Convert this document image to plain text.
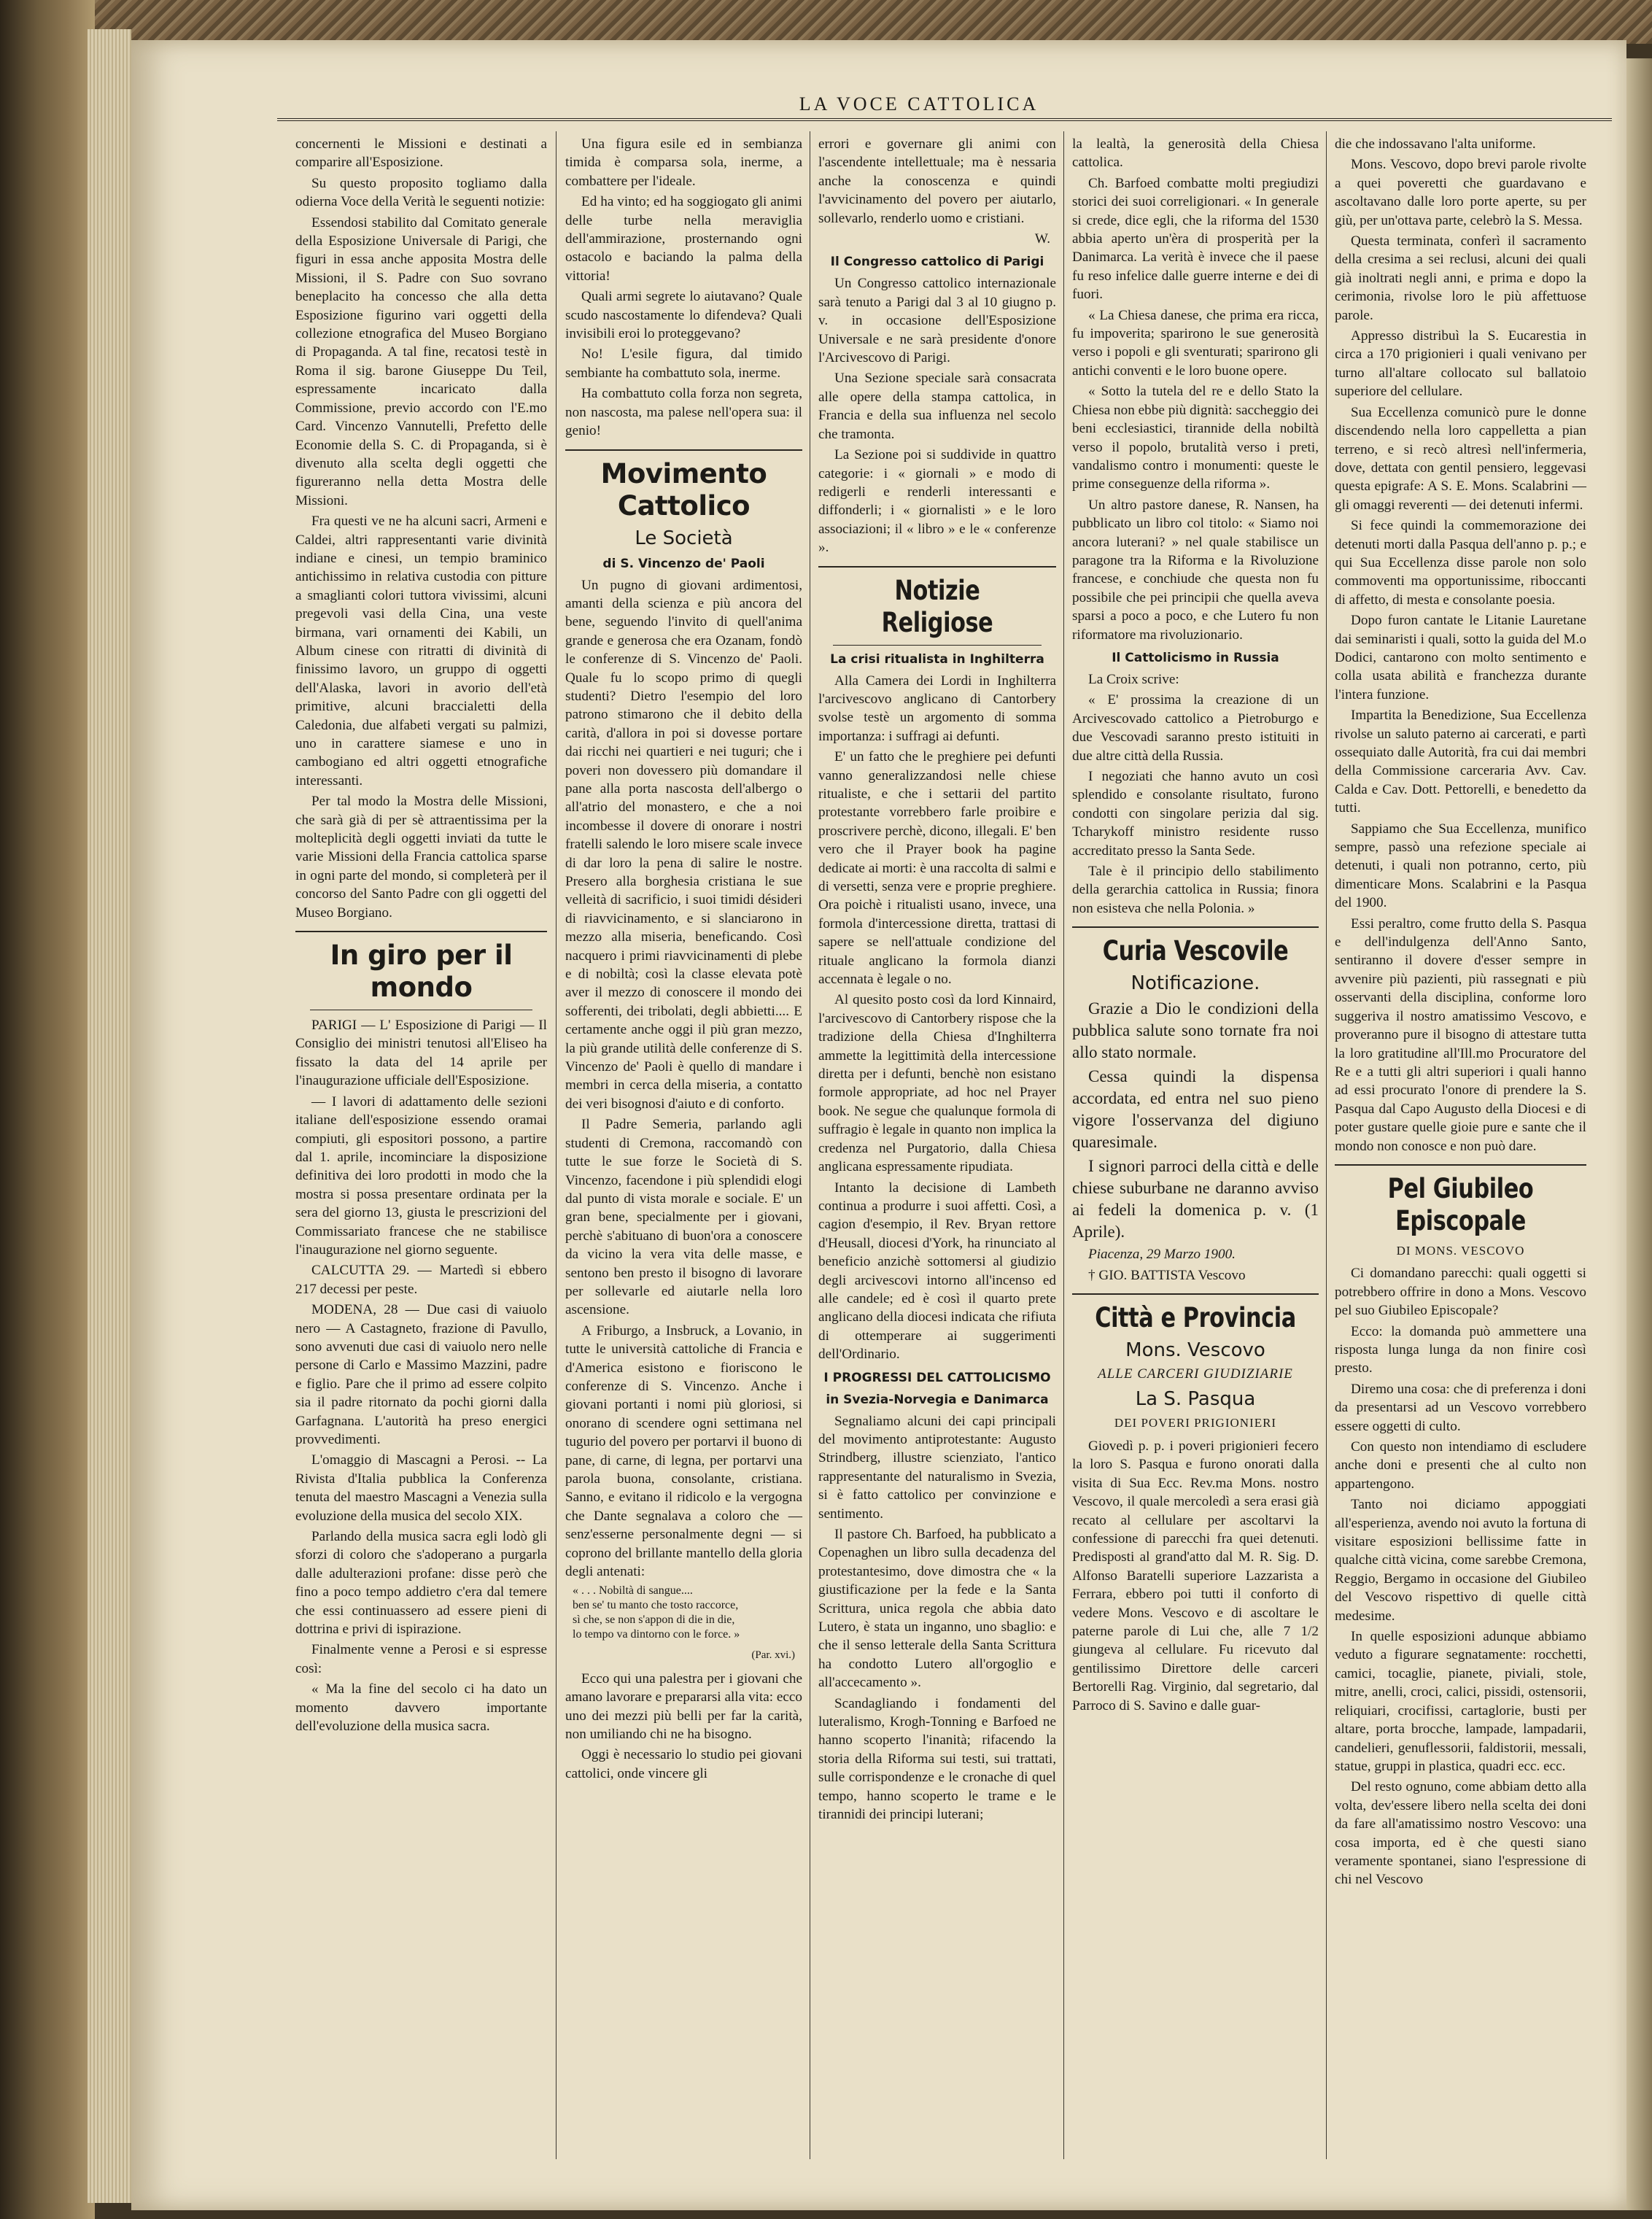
LA VOCE CATTOLICA

concernenti le Missioni e destinati a comparire all'Esposizione.

Su questo proposito togliamo dalla odierna Voce della Verità le seguenti notizie:

Essendosi stabilito dal Comitato generale della Esposizione Universale di Parigi, che figuri in essa anche apposita Mostra delle Missioni, il S. Padre con Suo sovrano beneplacito ha concesso che alla detta Esposizione figurino vari oggetti della collezione etnografica del Museo Borgiano di Propaganda. A tal fine, recatosi testè in Roma il sig. barone Giuseppe Du Teil, espressamente incaricato dalla Commissione, previo accordo con l'E.mo Card. Vincenzo Vannutelli, Prefetto delle Economie della S. C. di Propaganda, si è divenuto alla scelta degli oggetti che figureranno nella detta Mostra delle Missioni.

Fra questi ve ne ha alcuni sacri, Armeni e Caldei, altri rappresentanti varie divinità indiane e cinesi, un tempio braminico antichissimo in relativa custodia con pitture a smaglianti colori tuttora vivissimi, alcuni pregevoli vasi della Cina, una veste birmana, vari ornamenti dei Kabili, un Album cinese con ritratti di divinità di finissimo lavoro, un gruppo di oggetti dell'Alaska, lavori in avorio dell'età primitive, alcuni braccialetti della Caledonia, due alfabeti vergati su palmizi, uno in carattere siamese e uno in cambogiano ed altri oggetti etnografiche interessanti.

Per tal modo la Mostra delle Missioni, che sarà già di per sè attraentissima per la molteplicità degli oggetti inviati da tutte le varie Missioni della Francia cattolica sparse in ogni parte del mondo, si completerà per il concorso del Santo Padre con gli oggetti del Museo Borgiano.

In giro per il mondo

PARIGI — L' Esposizione di Parigi — Il Consiglio dei ministri tenutosi all'Eliseo ha fissato la data del 14 aprile per l'inaugurazione ufficiale dell'Esposizione.

— I lavori di adattamento delle sezioni italiane dell'esposizione essendo oramai compiuti, gli espositori possono, a partire dal 1. aprile, incominciare la disposizione definitiva dei loro prodotti in modo che la mostra si possa presentare ordinata per la sera del giorno 13, giusta le prescrizioni del Commissariato francese che ne stabilisce l'inaugurazione nel giorno seguente.

CALCUTTA 29. — Martedì si ebbero 217 decessi per peste.

MODENA, 28 — Due casi di vaiuolo nero — A Castagneto, frazione di Pavullo, sono avvenuti due casi di vaiuolo nero nelle persone di Carlo e Massimo Mazzini, padre e figlio. Pare che il primo ad essere colpito sia il padre ritornato da pochi giorni dalla Garfagnana. L'autorità ha preso energici provvedimenti.

L'omaggio di Mascagni a Perosi. -- La Rivista d'Italia pubblica la Conferenza tenuta del maestro Mascagni a Venezia sulla evoluzione della musica del secolo XIX.

Parlando della musica sacra egli lodò gli sforzi di coloro che s'adoperano a purgarla dalle adulterazioni profane: disse però che fino a poco tempo addietro c'era dal temere che essi continuassero ad essere pieni di dottrina e privi di ispirazione.

Finalmente venne a Perosi e si espresse così:

« Ma la fine del secolo ci ha dato un momento davvero importante dell'evoluzione della musica sacra.

Una figura esile ed in sembianza timida è comparsa sola, inerme, a combattere per l'ideale.

Ed ha vinto; ed ha soggiogato gli animi delle turbe nella meraviglia dell'ammirazione, prosternando ogni ostacolo e baciando la palma della vittoria!

Quali armi segrete lo aiutavano? Quale scudo nascostamente lo difendeva? Quali invisibili eroi lo proteggevano?

No! L'esile figura, dal timido sembiante ha combattuto sola, inerme.

Ha combattuto colla forza non segreta, non nascosta, ma palese nell'opera sua: il genio!

Movimento Cattolico
Le Società
di S. Vincenzo de' Paoli

Un pugno di giovani ardimentosi, amanti della scienza e più ancora del bene, seguendo l'invito di quell'anima grande e generosa che era Ozanam, fondò le conferenze di S. Vincenzo de' Paoli. Quale fu lo scopo primo di quegli studenti? Dietro l'esempio del loro patrono stimarono che il debito della carità, d'allora in poi si dovesse portare dai ricchi nei quartieri e nei tuguri; che i poveri non dovessero più domandare il pane alla porta nascosta dell'albergo o all'atrio del monastero, e che a noi incombesse il dovere di onorare i nostri fratelli salendo le loro misere scale invece di dar loro la pena di salire le nostre. Presero alla borghesia cristiana le sue velleità di sacrificio, i suoi timidi désideri di riavvicinamento, e si slanciarono in mezzo alla miseria, beneficando. Così nacquero i primi riavvicinamenti di plebe e di nobiltà; così la classe elevata potè aver il mezzo di conoscere il mondo dei sofferenti, dei tribolati, degli abbietti.... E certamente anche oggi il più gran mezzo, la più grande utilità delle conferenze di S. Vincenzo de' Paoli è quello di mandare i membri in cerca della miseria, a contatto dei veri bisognosi d'aiuto e di conforto.

Il Padre Semeria, parlando agli studenti di Cremona, raccomandò con tutte le sue forze le Società di S. Vincenzo, facendone i più splendidi elogi dal punto di vista morale e sociale. E' un gran bene, specialmente per i giovani, perchè s'abituano di buon'ora a conoscere da vicino la vera vita delle masse, e sentono ben presto il bisogno di lavorare per sollevarle ed aiutarle nella loro ascensione.

A Friburgo, a Insbruck, a Lovanio, in tutte le università cattoliche di Francia e d'America esistono e fioriscono le conferenze di S. Vincenzo. Anche i giovani portanti i nomi più gloriosi, si onorano di scendere ogni settimana nel tugurio del povero per portarvi il buono di pane, di carne, di legna, per portarvi una parola buona, consolante, cristiana. Sanno, e evitano il ridicolo e la vergogna che Dante segnalava a coloro che — senz'esserne personalmente degni — si coprono del brillante mantello della gloria degli antenati:

« . . . Nobiltà di sangue....
ben se' tu manto che tosto raccorce,
sì che, se non s'appon di die in die,
lo tempo va dintorno con le force. »
(Par. xvi.)

Ecco qui una palestra per i giovani che amano lavorare e prepararsi alla vita: ecco uno dei mezzi più belli per far la carità, non umiliando chi ne ha bisogno.

Oggi è necessario lo studio pei giovani cattolici, onde vincere gli

errori e governare gli animi con l'ascendente intellettuale; ma è nessaria anche la conoscenza e quindi l'avvicinamento del povero per aiutarlo, sollevarlo, renderlo uomo e cristiani.

W.
Il Congresso cattolico di Parigi

Un Congresso cattolico internazionale sarà tenuto a Parigi dal 3 al 10 giugno p. v. in occasione dell'Esposizione Universale e ne sarà presidente d'onore l'Arcivescovo di Parigi.

Una Sezione speciale sarà consacrata alle opere della stampa cattolica, in Francia e della sua influenza nel secolo che tramonta.

La Sezione poi si suddivide in quattro categorie: i « giornali » e modo di redigerli e renderli interessanti e diffonderli; i « giornalisti » e le loro associazioni; il « libro » e le « conferenze ».

Notizie Religiose
La crisi ritualista in Inghilterra

Alla Camera dei Lordi in Inghilterra l'arcivescovo anglicano di Cantorbery svolse testè un argomento di somma importanza: i suffragi ai defunti.

E' un fatto che le preghiere pei defunti vanno generalizzandosi nelle chiese ritualiste, e che i settarii del partito protestante vorrebbero farle proibire e proscrivere perchè, dicono, illegali. E' ben vero che il Prayer book ha pagine dedicate ai morti: è una raccolta di salmi e di versetti, senza vere e proprie preghiere. Ora poichè i ritualisti usano, invece, una formola d'intercessione diretta, trattasi di sapere se nell'attuale condizione del rituale anglicano la formola dianzi accennata è legale o no.

Al quesito posto così da lord Kinnaird, l'arcivescovo di Cantorbery rispose che la tradizione della Chiesa d'Inghilterra ammette la legittimità della intercessione diretta per i defunti, benchè non esistano formole appropriate, ad hoc nel Prayer book. Ne segue che qualunque formola di suffragio è legale in quanto non implica la credenza nel Purgatorio, dalla Chiesa anglicana espressamente ripudiata.

Intanto la decisione di Lambeth continua a produrre i suoi affetti. Così, a cagion d'esempio, il Rev. Bryan rettore d'Heusall, diocesi d'York, ha rinunciato al beneficio anzichè sottomersi al giudizio degli arcivescovi intorno all'incenso ed alle candele; ed è così il quarto prete anglicano della diocesi indicata che rifiuta di ottemperare ai suggerimenti dell'Ordinario.

I PROGRESSI DEL CATTOLICISMO
in Svezia-Norvegia e Danimarca

Segnaliamo alcuni dei capi principali del movimento antiprotestante: Augusto Strindberg, illustre scienziato, l'antico rappresentante del naturalismo in Svezia, si è fatto cattolico per convinzione e sentimento.

Il pastore Ch. Barfoed, ha pubblicato a Copenaghen un libro sulla decadenza del protestantesimo, dove dimostra che « la giustificazione per la fede e la Santa Scrittura, unica regola che abbia dato Lutero, è stata un inganno, uno sbaglio: e che il senso letterale della Santa Scrittura ha condotto Lutero all'orgoglio e all'accecamento ».

Scandagliando i fondamenti del luteralismo, Krogh-Tonning e Barfoed ne hanno scoperto l'inanità; rifacendo la storia della Riforma sui testi, sui trattati, sulle corrispondenze e le cronache di quel tempo, hanno scoperto le trame e le tirannidi dei principi luterani;

la lealtà, la generosità della Chiesa cattolica.

Ch. Barfoed combatte molti pregiudizi storici dei suoi correligionari. « In generale si crede, dice egli, che la riforma del 1530 abbia aperto un'èra di prosperità per la Danimarca. La verità è invece che il paese fu reso infelice dalle guerre interne e dei di fuori.

« La Chiesa danese, che prima era ricca, fu impoverita; sparirono le sue generosità verso i popoli e gli sventurati; sparirono gli antichi conventi e le loro buone opere.

« Sotto la tutela del re e dello Stato la Chiesa non ebbe più dignità: saccheggio dei beni ecclesiastici, tirannide della nobiltà verso il popolo, brutalità verso i preti, vandalismo contro i monumenti: queste le prime conseguenze della riforma ».

Un altro pastore danese, R. Nansen, ha pubblicato un libro col titolo: « Siamo noi ancora luterani? » nel quale stabilisce un paragone tra la Riforma e la Rivoluzione francese, e conchiude che questa non fu possibile che pei principii che quella aveva sparsi a poco a poco, e che Lutero fu non riformatore ma rivoluzionario.

Il Cattolicismo in Russia

La Croix scrive:

« E' prossima la creazione di un Arcivescovado cattolico a Pietroburgo e due Vescovadi saranno presto istituiti in due altre città della Russia.

I negoziati che hanno avuto un così splendido e consolante risultato, furono condotti con singolare perizia dal sig. Tcharykoff ministro residente russo accreditato presso la Santa Sede.

Tale è il principio dello stabilimento della gerarchia cattolica in Russia; finora non esisteva che nella Polonia. »

Curia Vescovile
Notificazione.

Grazie a Dio le condizioni della pubblica salute sono tornate fra noi allo stato normale.

Cessa quindi la dispensa accordata, ed entra nel suo pieno vigore l'osservanza del digiuno quaresimale.

I signori parroci della città e delle chiese suburbane ne daranno avviso ai fedeli la domenica p. v. (1 Aprile).

Piacenza, 29 Marzo 1900.

† GIO. BATTISTA Vescovo

Città e Provincia
Mons. Vescovo
ALLE CARCERI GIUDIZIARIE
La S. Pasqua
DEI POVERI PRIGIONIERI

Giovedì p. p. i poveri prigionieri fecero la loro S. Pasqua e furono onorati dalla visita di Sua Ecc. Rev.ma Mons. nostro Vescovo, il quale mercoledì a sera erasi già recato al cellulare per ascoltarvi la confessione di parecchi fra quei detenuti. Predisposti al grand'atto dal M. R. Sig. D. Alfonso Baratelli superiore Lazzarista a Ferrara, ebbero poi tutti il conforto di vedere Mons. Vescovo e di ascoltare le paterne parole di Lui che, alle 7 1/2 giungeva al cellulare. Fu ricevuto dal gentilissimo Direttore delle carceri Bertorelli Rag. Virginio, dal segretario, dal Parroco di S. Savino e dalle guar-

die che indossavano l'alta uniforme.

Mons. Vescovo, dopo brevi parole rivolte a quei poveretti che guardavano e ascoltavano dalle loro porte aperte, su per giù, per un'ottava parte, celebrò la S. Messa.

Questa terminata, conferì il sacramento della cresima a sei reclusi, alcuni dei quali già inoltrati negli anni, e prima e dopo la cerimonia, rivolse loro le più affettuose parole.

Appresso distribuì la S. Eucarestia in circa a 170 prigionieri i quali venivano per turno all'altare collocato sul ballatoio superiore del cellulare.

Sua Eccellenza comunicò pure le donne discendendo nella loro cappelletta a pian terreno, e si recò altresì nell'infermeria, dove, dettata con gentil pensiero, leggevasi questa epigrafe: A S. E. Mons. Scalabrini — gli omaggi reverenti — dei detenuti infermi.

Si fece quindi la commemorazione dei detenuti morti dalla Pasqua dell'anno p. p.; e qui Sua Eccellenza disse parole non solo commoventi ma opportunissime, riboccanti di affetto, di mesta e consolante poesia.

Dopo furon cantate le Litanie Lauretane dai seminaristi i quali, sotto la guida del M.o Dodici, cantarono con molto sentimento e colla usata abilità e franchezza durante l'intera funzione.

Impartita la Benedizione, Sua Eccellenza rivolse un saluto paterno ai carcerati, e partì ossequiato dalle Autorità, fra cui dai membri della Commissione carceraria Avv. Cav. Calda e Cav. Dott. Pettorelli, e benedetto da tutti.

Sappiamo che Sua Eccellenza, munifico sempre, passò una refezione speciale ai detenuti, i quali non potranno, certo, più dimenticare Mons. Scalabrini e la Pasqua del 1900.

Essi peraltro, come frutto della S. Pasqua e dell'indulgenza dell'Anno Santo, sentiranno il dovere d'esser sempre in avvenire più pazienti, più rassegnati e più osservanti della disciplina, conforme loro suggeriva il nostro amatissimo Vescovo, e proveranno pure il bisogno di attestare tutta la loro gratitudine all'Ill.mo Procuratore del Re e a tutti gli altri superiori i quali hanno ad essi procurato l'onore di prendere la S. Pasqua dal Capo Augusto della Diocesi e di poter gustare quelle gioie pure e sante che il mondo non conosce e non può dare.

Pel Giubileo Episcopale
DI MONS. VESCOVO

Ci domandano parecchi: quali oggetti si potrebbero offrire in dono a Mons. Vescovo pel suo Giubileo Episcopale?

Ecco: la domanda può ammettere una risposta lunga lunga da non finire così presto.

Diremo una cosa: che di preferenza i doni da presentarsi ad un Vescovo vorrebbero essere oggetti di culto.

Con questo non intendiamo di escludere anche doni e presenti che al culto non appartengono.

Tanto noi diciamo appoggiati all'esperienza, avendo noi avuto la fortuna di visitare esposizioni bellissime fatte in qualche città vicina, come sarebbe Cremona, Reggio, Bergamo in occasione del Giubileo del Vescovo rispettivo di quelle città medesime.

In quelle esposizioni adunque abbiamo veduto a figurare segnatamente: rocchetti, camici, tocaglie, pianete, piviali, stole, mitre, anelli, croci, calici, pissidi, ostensorii, reliquiari, crocifissi, cartaglorie, busti per altare, porta brocche, lampade, lampadarii, candelieri, genuflessorii, faldistorii, messali, statue, gruppi in plastica, quadri ecc. ecc.

Del resto ognuno, come abbiam detto alla volta, dev'essere libero nella scelta dei doni da fare all'amatissimo nostro Vescovo: una cosa importa, ed è che questi siano veramente spontanei, siano l'espressione di chi nel Vescovo
